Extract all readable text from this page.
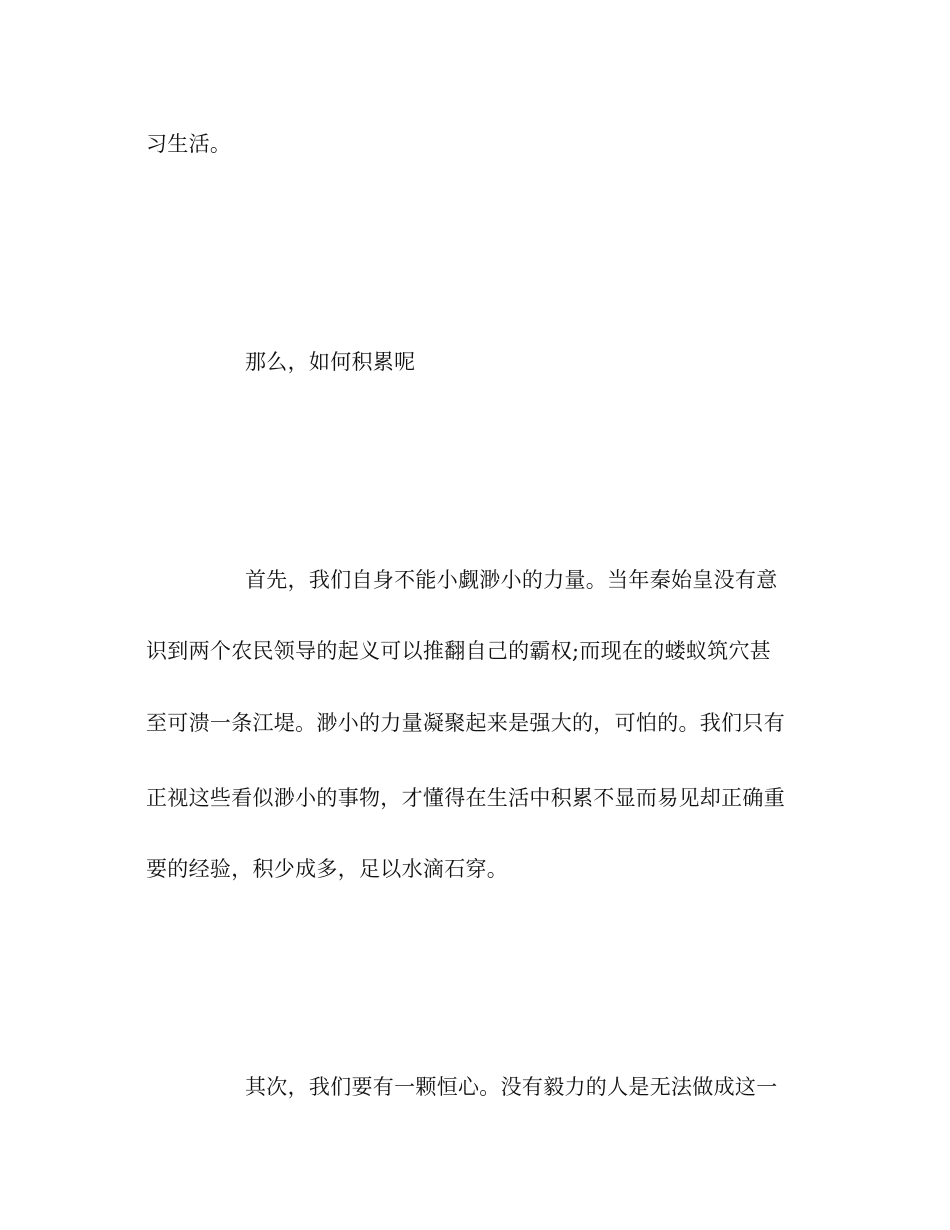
习生活。
那么，如何积累呢
首先，我们自身不能小觑渺小的力量。当年秦始皇没有意
识到两个农民领导的起义可以推翻自己的霸权;而现在的蝼蚁筑穴甚
至可溃一条江堤。渺小的力量凝聚起来是强大的，可怕的。我们只有
正视这些看似渺小的事物，才懂得在生活中积累不显而易见却正确重
要的经验，积少成多，足以水滴石穿。
其次，我们要有一颗恒心。没有毅力的人是无法做成这一
